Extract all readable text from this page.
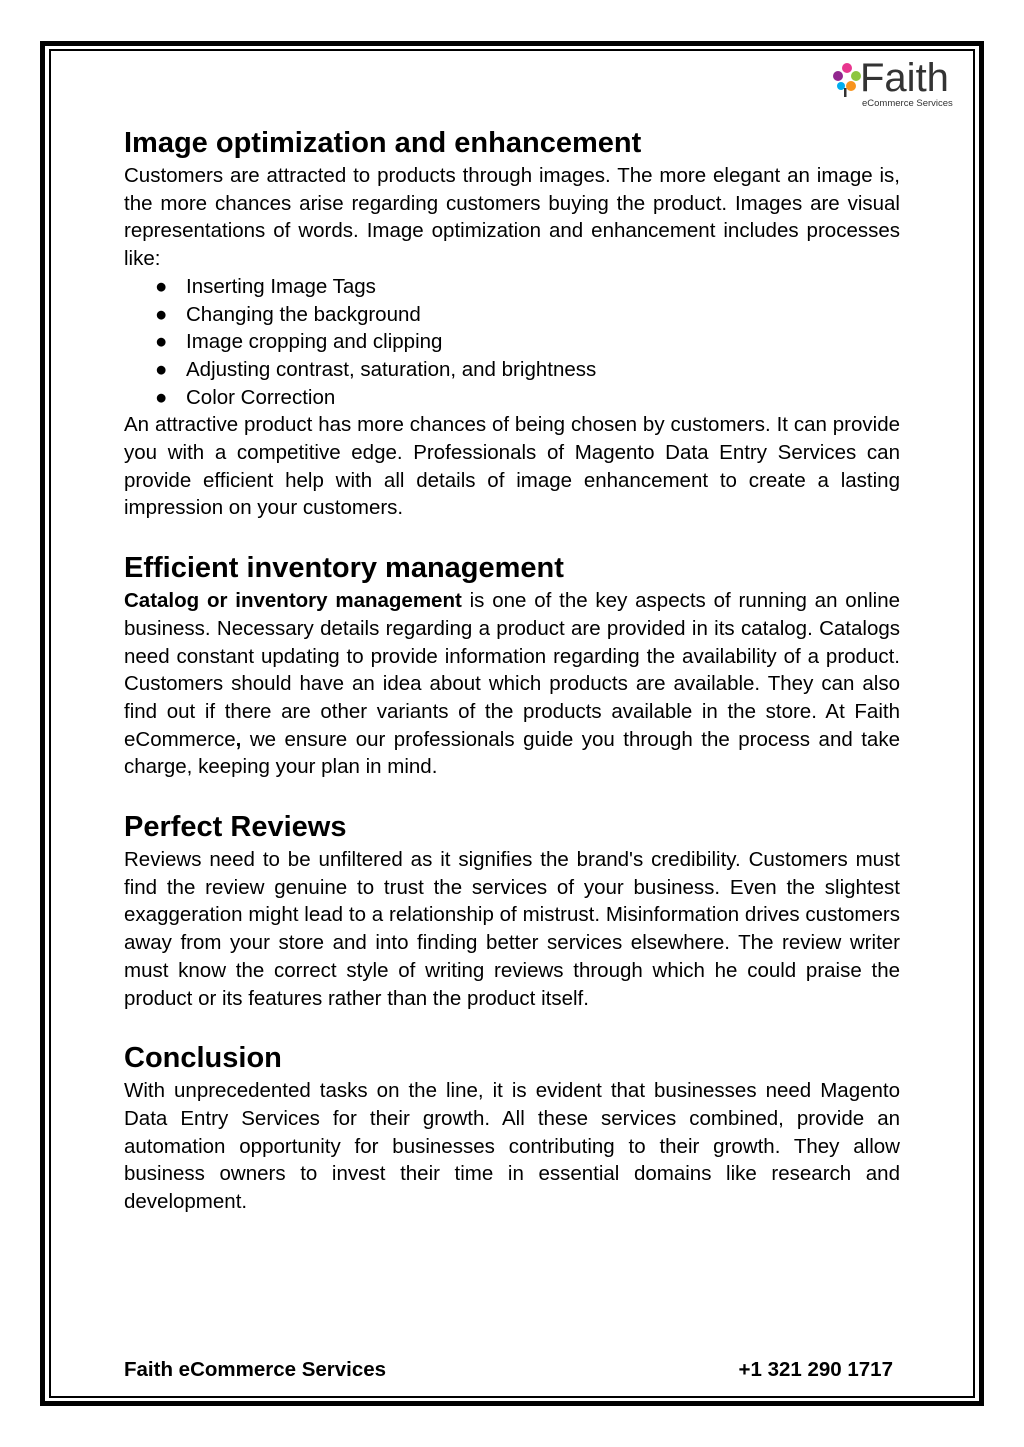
Faith
eCommerce Services
Image optimization and enhancement

Customers are attracted to products through images. The more elegant an image is, the more chances arise regarding customers buying the product. Images are visual representations of words. Image optimization and enhancement includes processes like:

● Inserting Image Tags
● Changing the background
● Image cropping and clipping
● Adjusting contrast, saturation, and brightness
● Color Correction

An attractive product has more chances of being chosen by customers. It can provide you with a competitive edge. Professionals of Magento Data Entry Services can provide efficient help with all details of image enhancement to create a lasting impression on your customers.

Efficient inventory management

Catalog or inventory management is one of the key aspects of running an online business. Necessary details regarding a product are provided in its catalog. Catalogs need constant updating to provide information regarding the availability of a product. Customers should have an idea about which products are available. They can also find out if there are other variants of the products available in the store. At Faith eCommerce, we ensure our professionals guide you through the process and take charge, keeping your plan in mind.

Perfect Reviews

Reviews need to be unfiltered as it signifies the brand's credibility. Customers must find the review genuine to trust the services of your business. Even the slightest exaggeration might lead to a relationship of mistrust. Misinformation drives customers away from your store and into finding better services elsewhere. The review writer must know the correct style of writing reviews through which he could praise the product or its features rather than the product itself.

Conclusion

With unprecedented tasks on the line, it is evident that businesses need Magento Data Entry Services for their growth. All these services combined, provide an automation opportunity for businesses contributing to their growth. They allow business owners to invest their time in essential domains like research and development.

Faith eCommerce Services	+1 321 290 1717
